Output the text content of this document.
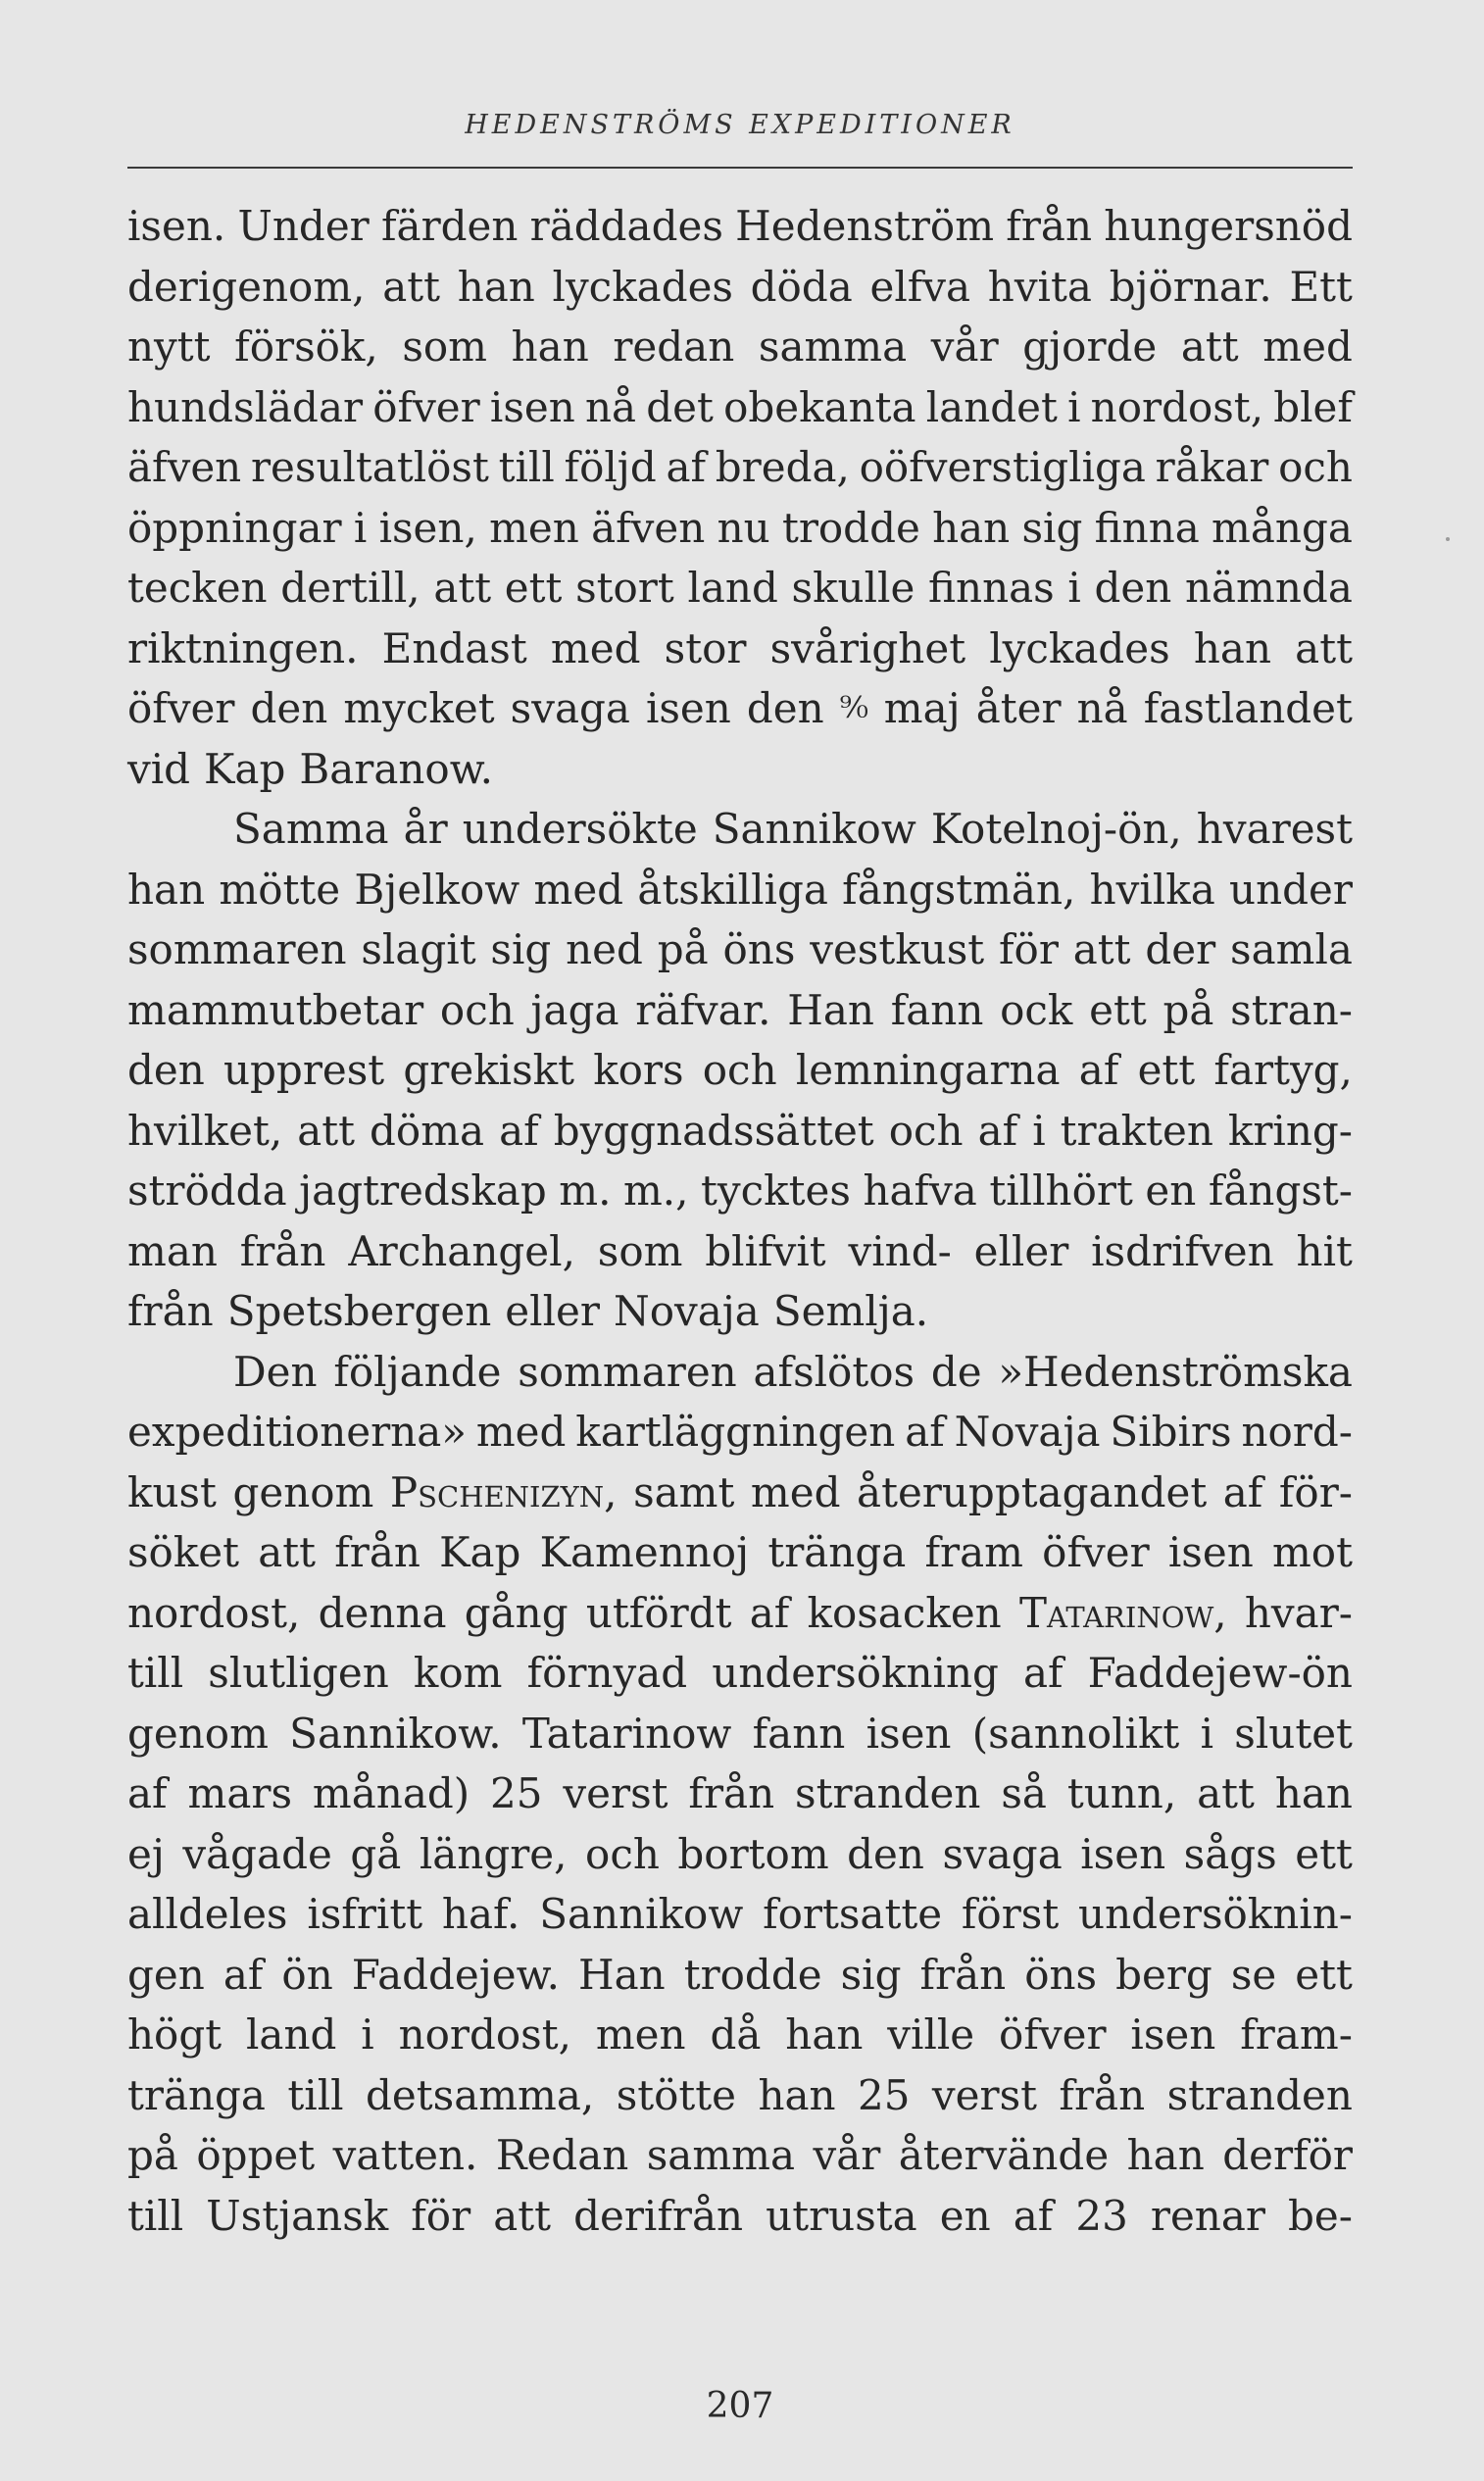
HEDENSTRÖMS EXPEDITIONER
isen. Under färden räddades Hedenström från hungersnöd
derigenom, att han lyckades döda elfva hvita björnar. Ett
nytt försök, som han redan samma vår gjorde att med
hundslädar öfver isen nå det obekanta landet i nordost, blef
äfven resultatlöst till följd af breda, oöfverstigliga råkar och
öppningar i isen, men äfven nu trodde han sig finna många
tecken dertill, att ett stort land skulle finnas i den nämnda
riktningen. Endast med stor svårighet lyckades han att
öfver den mycket svaga isen den ⁹⁄₀ maj åter nå fastlandet
vid Kap Baranow.
Samma år undersökte Sannikow Kotelnoj-ön, hvarest
han mötte Bjelkow med åtskilliga fångstmän, hvilka under
sommaren slagit sig ned på öns vestkust för att der samla
mammutbetar och jaga räfvar. Han fann ock ett på stran-
den upprest grekiskt kors och lemningarna af ett fartyg,
hvilket, att döma af byggnadssättet och af i trakten kring-
strödda jagtredskap m. m., tycktes hafva tillhört en fångst-
man från Archangel, som blifvit vind- eller isdrifven hit
från Spetsbergen eller Novaja Semlja.
Den följande sommaren afslötos de »Hedenströmska
expeditionerna» med kartläggningen af Novaja Sibirs nord-
kust genom Pschenizyn, samt med återupptagandet af för-
söket att från Kap Kamennoj tränga fram öfver isen mot
nordost, denna gång utfördt af kosacken Tatarinow, hvar-
till slutligen kom förnyad undersökning af Faddejew-ön
genom Sannikow. Tatarinow fann isen (sannolikt i slutet
af mars månad) 25 verst från stranden så tunn, att han
ej vågade gå längre, och bortom den svaga isen sågs ett
alldeles isfritt haf. Sannikow fortsatte först undersöknin-
gen af ön Faddejew. Han trodde sig från öns berg se ett
högt land i nordost, men då han ville öfver isen fram-
tränga till detsamma, stötte han 25 verst från stranden
på öppet vatten. Redan samma vår återvände han derför
till Ustjansk för att derifrån utrusta en af 23 renar be-
207
